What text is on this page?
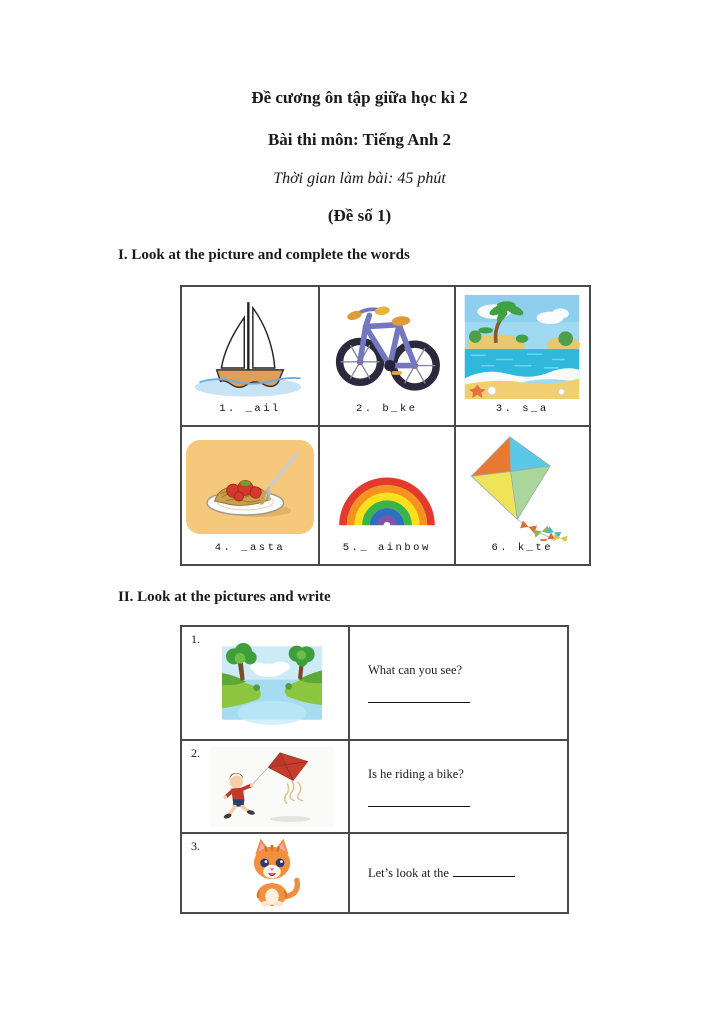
Đề cương ôn tập giữa học kì 2
Bài thi môn: Tiếng Anh 2
Thời gian làm bài: 45 phút
(Đề số 1)
I. Look at the picture and complete the words
1. _ail	2. b_ke	3. s_a
4. _asta	5._ ainbow	6. k_te
II. Look at the pictures and write
1.
What can you see?
2.
Is he riding a bike?
3.
Let’s look at the
